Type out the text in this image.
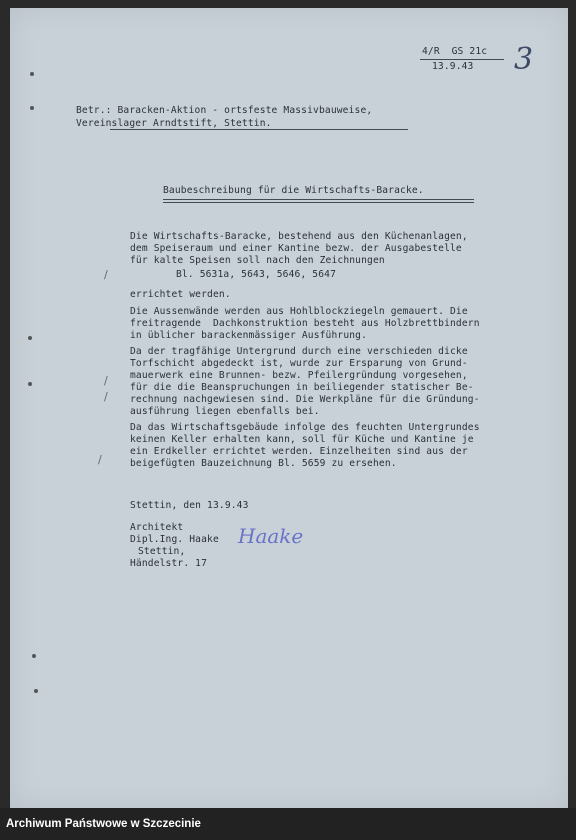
4/R  GS 21c
13.9.43 3
Betr.: Baracken-Aktion - ortsfeste Massivbauweise,
Vereinslager Arndtstift, Stettin.
Baubeschreibung für die Wirtschafts-Baracke.
Die Wirtschafts-Baracke, bestehend aus den Küchenanlagen,
dem Speiseraum und einer Kantine bezw. der Ausgabestelle
für kalte Speisen soll nach den Zeichnungen
Bl. 5631a, 5643, 5646, 5647
errichtet werden.
Die Aussenwände werden aus Hohlblockziegeln gemauert. Die
freitragende  Dachkonstruktion besteht aus Holzbrettbindern
in üblicher barackenmässiger Ausführung.
Da der tragfähige Untergrund durch eine verschieden dicke
Torfschicht abgedeckt ist, wurde zur Ersparung von Grund-
mauerwerk eine Brunnen- bezw. Pfeilergründung vorgesehen,
für die die Beanspruchungen in beiliegender statischer Be-
rechnung nachgewiesen sind. Die Werkpläne für die Gründung-
ausführung liegen ebenfalls bei.
Da das Wirtschaftsgebäude infolge des feuchten Untergrundes
keinen Keller erhalten kann, soll für Küche und Kantine je
ein Erdkeller errichtet werden. Einzelheiten sind aus der
beigefügten Bauzeichnung Bl. 5659 zu ersehen.
Stettin, den 13.9.43
Architekt
Dipl.Ing. Haake
Stettin,
Händelstr. 17
Haake
/
/
/
/
Archiwum Państwowe w Szczecinie
